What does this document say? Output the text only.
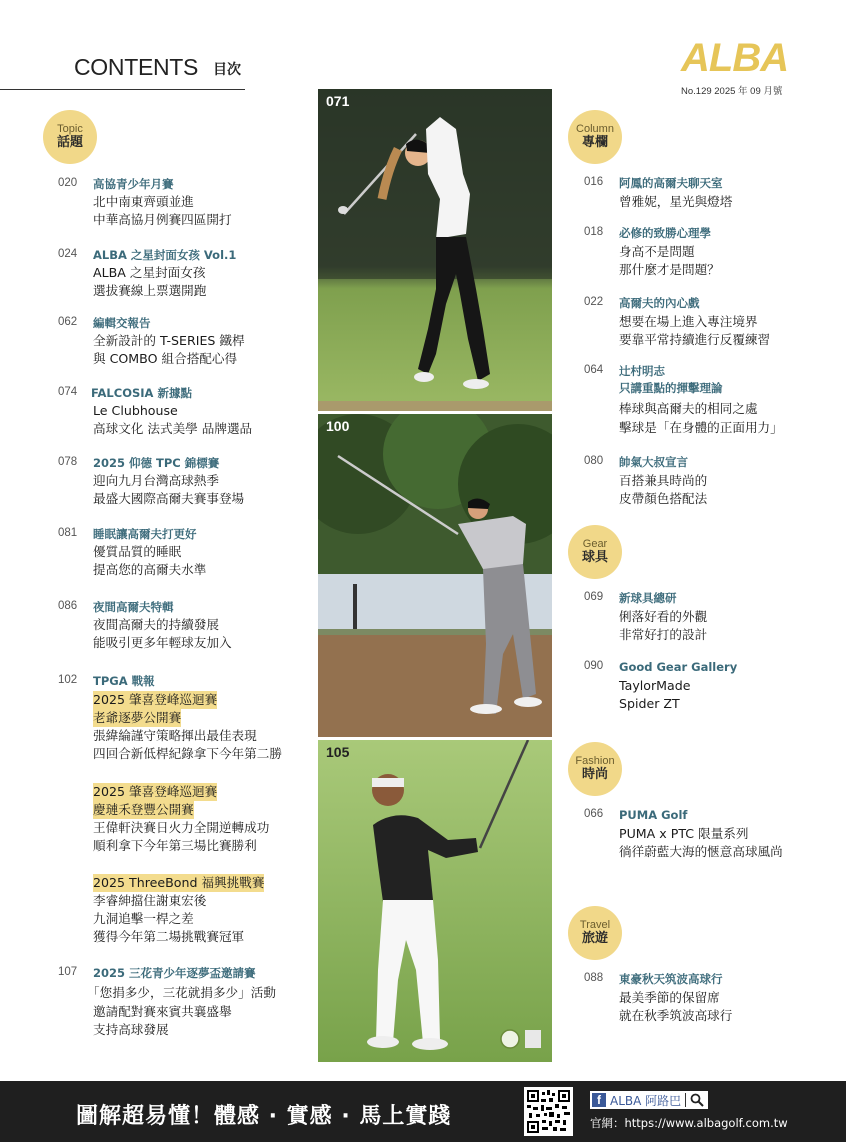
CONTENTS 目次	ALBA
No.129 2025 年 09 月號
Topic
話題
Column
專欄
Gear
球具
Fashion
時尚
Travel
旅遊
020 高協青少年月賽
北中南東齊頭並進
中華高協月例賽四區開打
024 ALBA 之星封面女孩 Vol.1
ALBA 之星封面女孩
選拔賽線上票選開跑
062 編輯交報告
全新設計的 T-SERIES 鐵桿
與 COMBO 組合搭配心得
074 FALCOSIA 新據點
Le Clubhouse
高球文化 法式美學 品牌選品
078 2025 仰德 TPC 錦標賽
迎向九月台灣高球熱季
最盛大國際高爾夫賽事登場
081 睡眠讓高爾夫打更好
優質品質的睡眠
提高您的高爾夫水準
086 夜間高爾夫特輯
夜間高爾夫的持續發展
能吸引更多年輕球友加入
102 TPGA 戰報
2025 肇喜登峰巡迴賽
老爺逐夢公開賽
張緯綸謹守策略揮出最佳表現
四回合新低桿紀錄拿下今年第二勝
2025 肇喜登峰巡迴賽
慶璉禾登豐公開賽
王偉軒決賽日火力全開逆轉成功
順利拿下今年第三場比賽勝利
2025 ThreeBond 福興挑戰賽
李睿紳擋住謝東宏後
九洞追擊一桿之差
獲得今年第二場挑戰賽冠軍
107 2025 三花青少年逐夢盃邀請賽
「您捐多少，三花就捐多少」活動
邀請配對賽來賓共襄盛舉
支持高球發展
071
100
105
016 阿鳳的高爾夫聊天室
曾雅妮，星光與燈塔
018 必修的致勝心理學
身高不是問題
那什麼才是問題？
022 高爾夫的內心戲
想要在場上進入專注境界
要靠平常持續進行反覆練習
064 辻村明志
只講重點的揮擊理論
棒球與高爾夫的相同之處
擊球是「在身體的正面用力」
080 帥氣大叔宣言
百搭兼具時尚的
皮帶顏色搭配法
069 新球具總研
俐落好看的外觀
非常好打的設計
090 Good Gear Gallery
TaylorMade
Spider ZT
066 PUMA Golf
PUMA x PTC 限量系列
徜徉蔚藍大海的愜意高球風尚
088 東豪秋天筑波高球行
最美季節的保留席
就在秋季筑波高球行
圖解超易懂！體感 · 實感 · 馬上實踐
f ALBA 阿路巴
官網：https://www.albagolf.com.tw
